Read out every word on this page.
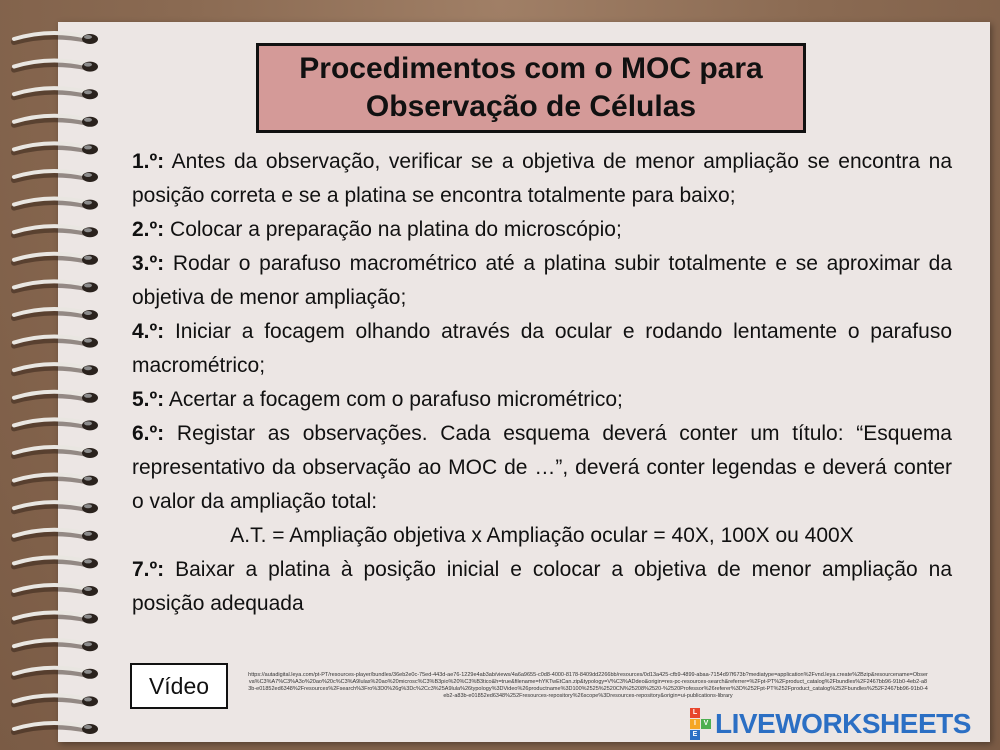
Procedimentos com o MOC para
Observação de Células

1.º: Antes da observação, verificar se a objetiva de menor ampliação se encontra na posição correta e se a platina se encontra totalmente para baixo;

2.º: Colocar a preparação na platina do microscópio;

3.º: Rodar o parafuso macrométrico até a platina subir totalmente e se aproximar da objetiva de menor ampliação;

4.º: Iniciar a focagem olhando através da ocular e rodando lentamente o parafuso macrométrico;

5.º: Acertar a focagem com o parafuso micrométrico;

6.º: Registar as observações. Cada esquema deverá conter um título: “Esquema representativo da observação ao MOC de …”, deverá conter legendas e deverá conter o valor da ampliação total:

A.T. = Ampliação objetiva x Ampliação ocular = 40X, 100X ou 400X

7.º: Baixar a platina à posição inicial e colocar a objetiva de menor ampliação na posição adequada

Vídeo	https://autadigital.leya.com/pt-PT/resources-player/bundles/36eb2e0c-75ed-443d-ae76-1229e4ab3ab/views/4a6a9655-c0d8-4000-8178-8409dd2266bb/resources/0d13a425-cfb9-4899-abaa-7154d97f673b?mediatype=application%2Fvnd.leya.create%2Bzip&resourcename=Observa%C3%A7%C3%A3o%20ao%20c%C3%A9lulas%20ao%20microsc%C3%B3pio%20%C3%B3tico&h=true&filename=hYKTwEtCan.zip&typology=V%C3%ADdeo&origin=res-pc-resources-search&referrer=%2Fpt-PT%2Fproduct_catalog%2Fbundles%2F2467bb96-91b0-4eb2-a83b-e01852ed6348%2Fresources%2Fsearch%3Fro%3D0%26g%3Dc%2Cc3%25A9lula%26typology%3DVideo%26productname%3D100%2525%2520CN%25208%2520-%2520Professor%26referer%3D%252Fpt-PT%252Fproduct_catalog%252Fbundles%252F2467bb96-91b0-4eb2-a83b-e01852ed6348%252Fresources-repository%26scope%3Dresources-repository&origin=ui-publications-library
L
I	V
E LIVEWORKSHEETS
